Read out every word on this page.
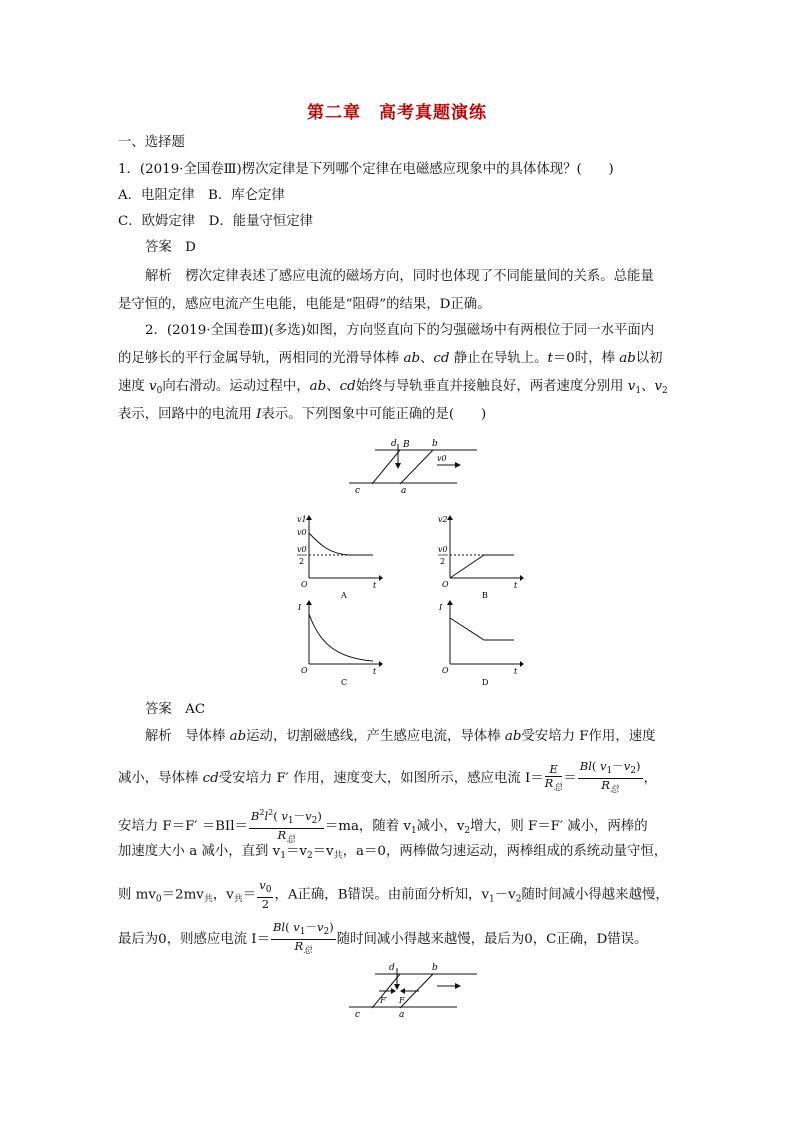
第二章　高考真题演练
一、选择题
1．(2019·全国卷Ⅲ)楞次定律是下列哪个定律在电磁感应现象中的具体体现？(　　)
A．电阻定律　B．库仑定律
C．欧姆定律　D．能量守恒定律
答案　D
解析　楞次定律表述了感应电流的磁场方向，同时也体现了不同能量间的关系。总能量
是守恒的，感应电流产生电能，电能是“阻碍”的结果，D正确。
2．(2019·全国卷Ⅲ)(多选)如图，方向竖直向下的匀强磁场中有两根位于同一水平面内
的足够长的平行金属导轨，两相同的光滑导体棒 ab、cd 静止在导轨上。t＝0时，棒 ab以初
速度 $v_0$向右滑动。运动过程中，ab、cd始终与导轨垂直并接触良好，两者速度分别用 $v_1$、$v_2$
表示，回路中的电流用 I表示。下列图象中可能正确的是(　　)
d B b
v0
c	a
v1
v0
v0
2
O	t
A
v2
v0
2
O	t
B
I
O	t
C
I
O	t
D
答案　AC
解析　导体棒 ab运动，切割磁感线，产生感应电流，导体棒 ab受安培力 F作用，速度
减小，导体棒 cd受安培力 F′ 作用，速度变大，如图所示，感应电流 $I= \frac{E}{R_总} = \frac{Bl( v_1-v_2)}{R_总}$ ，
安培力 $F=F' =BIl= \frac{B^2l^2( v_1-v_2)}{R_总} =ma$，随着 $v_1$减小，$v_2$增大，则 F＝F′ 减小，两棒的
加速度大小 a 减小，直到 $v_1=v_2=v_共$，a＝0，两棒做匀速运动，两棒组成的系统动量守恒，
则 $mv_0=2mv_共$，$v_共= \frac{v_0}{2}$ ，A正确，B错误。由前面分析知，$v_1-v_2$随时间减小得越来越慢，
最后为0，则感应电流 $I= \frac{Bl( v_1-v_2)}{R_总}$ 随时间减小得越来越慢，最后为0，C正确，D错误。
d	b
F′ F
c	a
